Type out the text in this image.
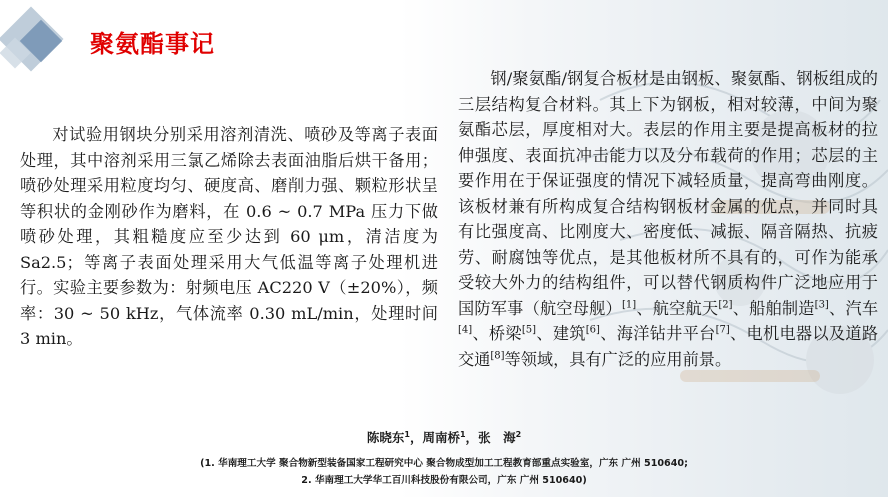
聚氨酯事记

对试验用钢块分别采用溶剂清洗、喷砂及等离子表面处理，其中溶剂采用三氯乙烯除去表面油脂后烘干备用；喷砂处理采用粒度均匀、硬度高、磨削力强、颗粒形状呈等积状的金刚砂作为磨料，在 0.6 ~ 0.7 MPa 压力下做喷砂处理，其粗糙度应至少达到 60 μm，清洁度为 Sa2.5；等离子表面处理采用大气低温等离子处理机进行。实验主要参数为：射频电压 AC220 V（±20%），频率：30 ~ 50 kHz，气体流率 0.30 mL/min，处理时间 3 min。

钢/聚氨酯/钢复合板材是由钢板、聚氨酯、钢板组成的三层结构复合材料。其上下为钢板，相对较薄，中间为聚氨酯芯层，厚度相对大。表层的作用主要是提高板材的拉伸强度、表面抗冲击能力以及分布载荷的作用；芯层的主要作用在于保证强度的情况下减轻质量，提高弯曲刚度。该板材兼有所构成复合结构钢板材金属的优点，并同时具有比强度高、比刚度大、密度低、减振、隔音隔热、抗疲劳、耐腐蚀等优点，是其他板材所不具有的，可作为能承受较大外力的结构组件，可以替代钢质构件广泛地应用于国防军事（航空母舰）[1]、航空航天[2]、船舶制造[3]、汽车[4]、桥梁[5]、建筑[6]、海洋钻井平台[7]、电机电器以及道路交通[8]等领域，具有广泛的应用前景。

陈晓东$^1$，周南桥$^1$，张　海$^2$

(1. 华南理工大学 聚合物新型装备国家工程研究中心 聚合物成型加工工程教育部重点实验室，广东 广州 510640;

2. 华南理工大学华工百川科技股份有限公司，广东 广州 510640)
